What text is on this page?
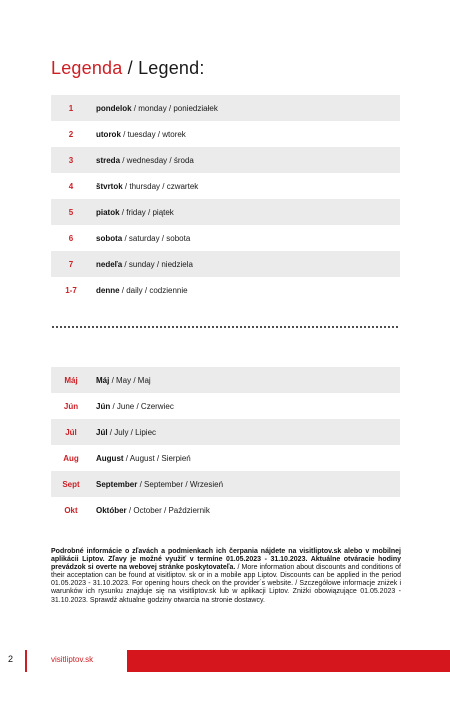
Legenda / Legend:
1	pondelok / monday / poniedziałek
2	utorok / tuesday / wtorek
3	streda / wednesday / środa
4	štvrtok / thursday / czwartek
5	piatok / friday / piątek
6	sobota / saturday / sobota
7	nedeľa / sunday / niedziela
1-7	denne / daily / codziennie
Máj	Máj / May / Maj
Jún	Jún / June / Czerwiec
Júl	Júl / July / Lipiec
Aug	August / August / Sierpień
Sept	September / September / Wrzesień
Okt	Október / October / Październik
Podrobné informácie o zľavách a podmienkach ich čerpania nájdete na visitliptov.sk alebo v mobilnej aplikácii Liptov. Zľavy je možné využiť v termíne 01.05.2023 - 31.10.2023. Aktuálne otváracie hodiny prevádzok si overte na webovej stránke poskytovateľa. / More information about discounts and conditions of their acceptation can be found at visitliptov. sk or in a mobile app Liptov. Discounts can be applied in the period 01.05.2023 - 31.10.2023. For opening hours check on the provider´s website. / Szczegółowe informacje zniżek i warunków ich rysunku znajduje się na visitliptov.sk lub w aplikacji Liptov. Zniżki obowiązujące 01.05.2023 - 31.10.2023. Sprawdź aktualne godziny otwarcia na stronie dostawcy.
2	visitliptov.sk
